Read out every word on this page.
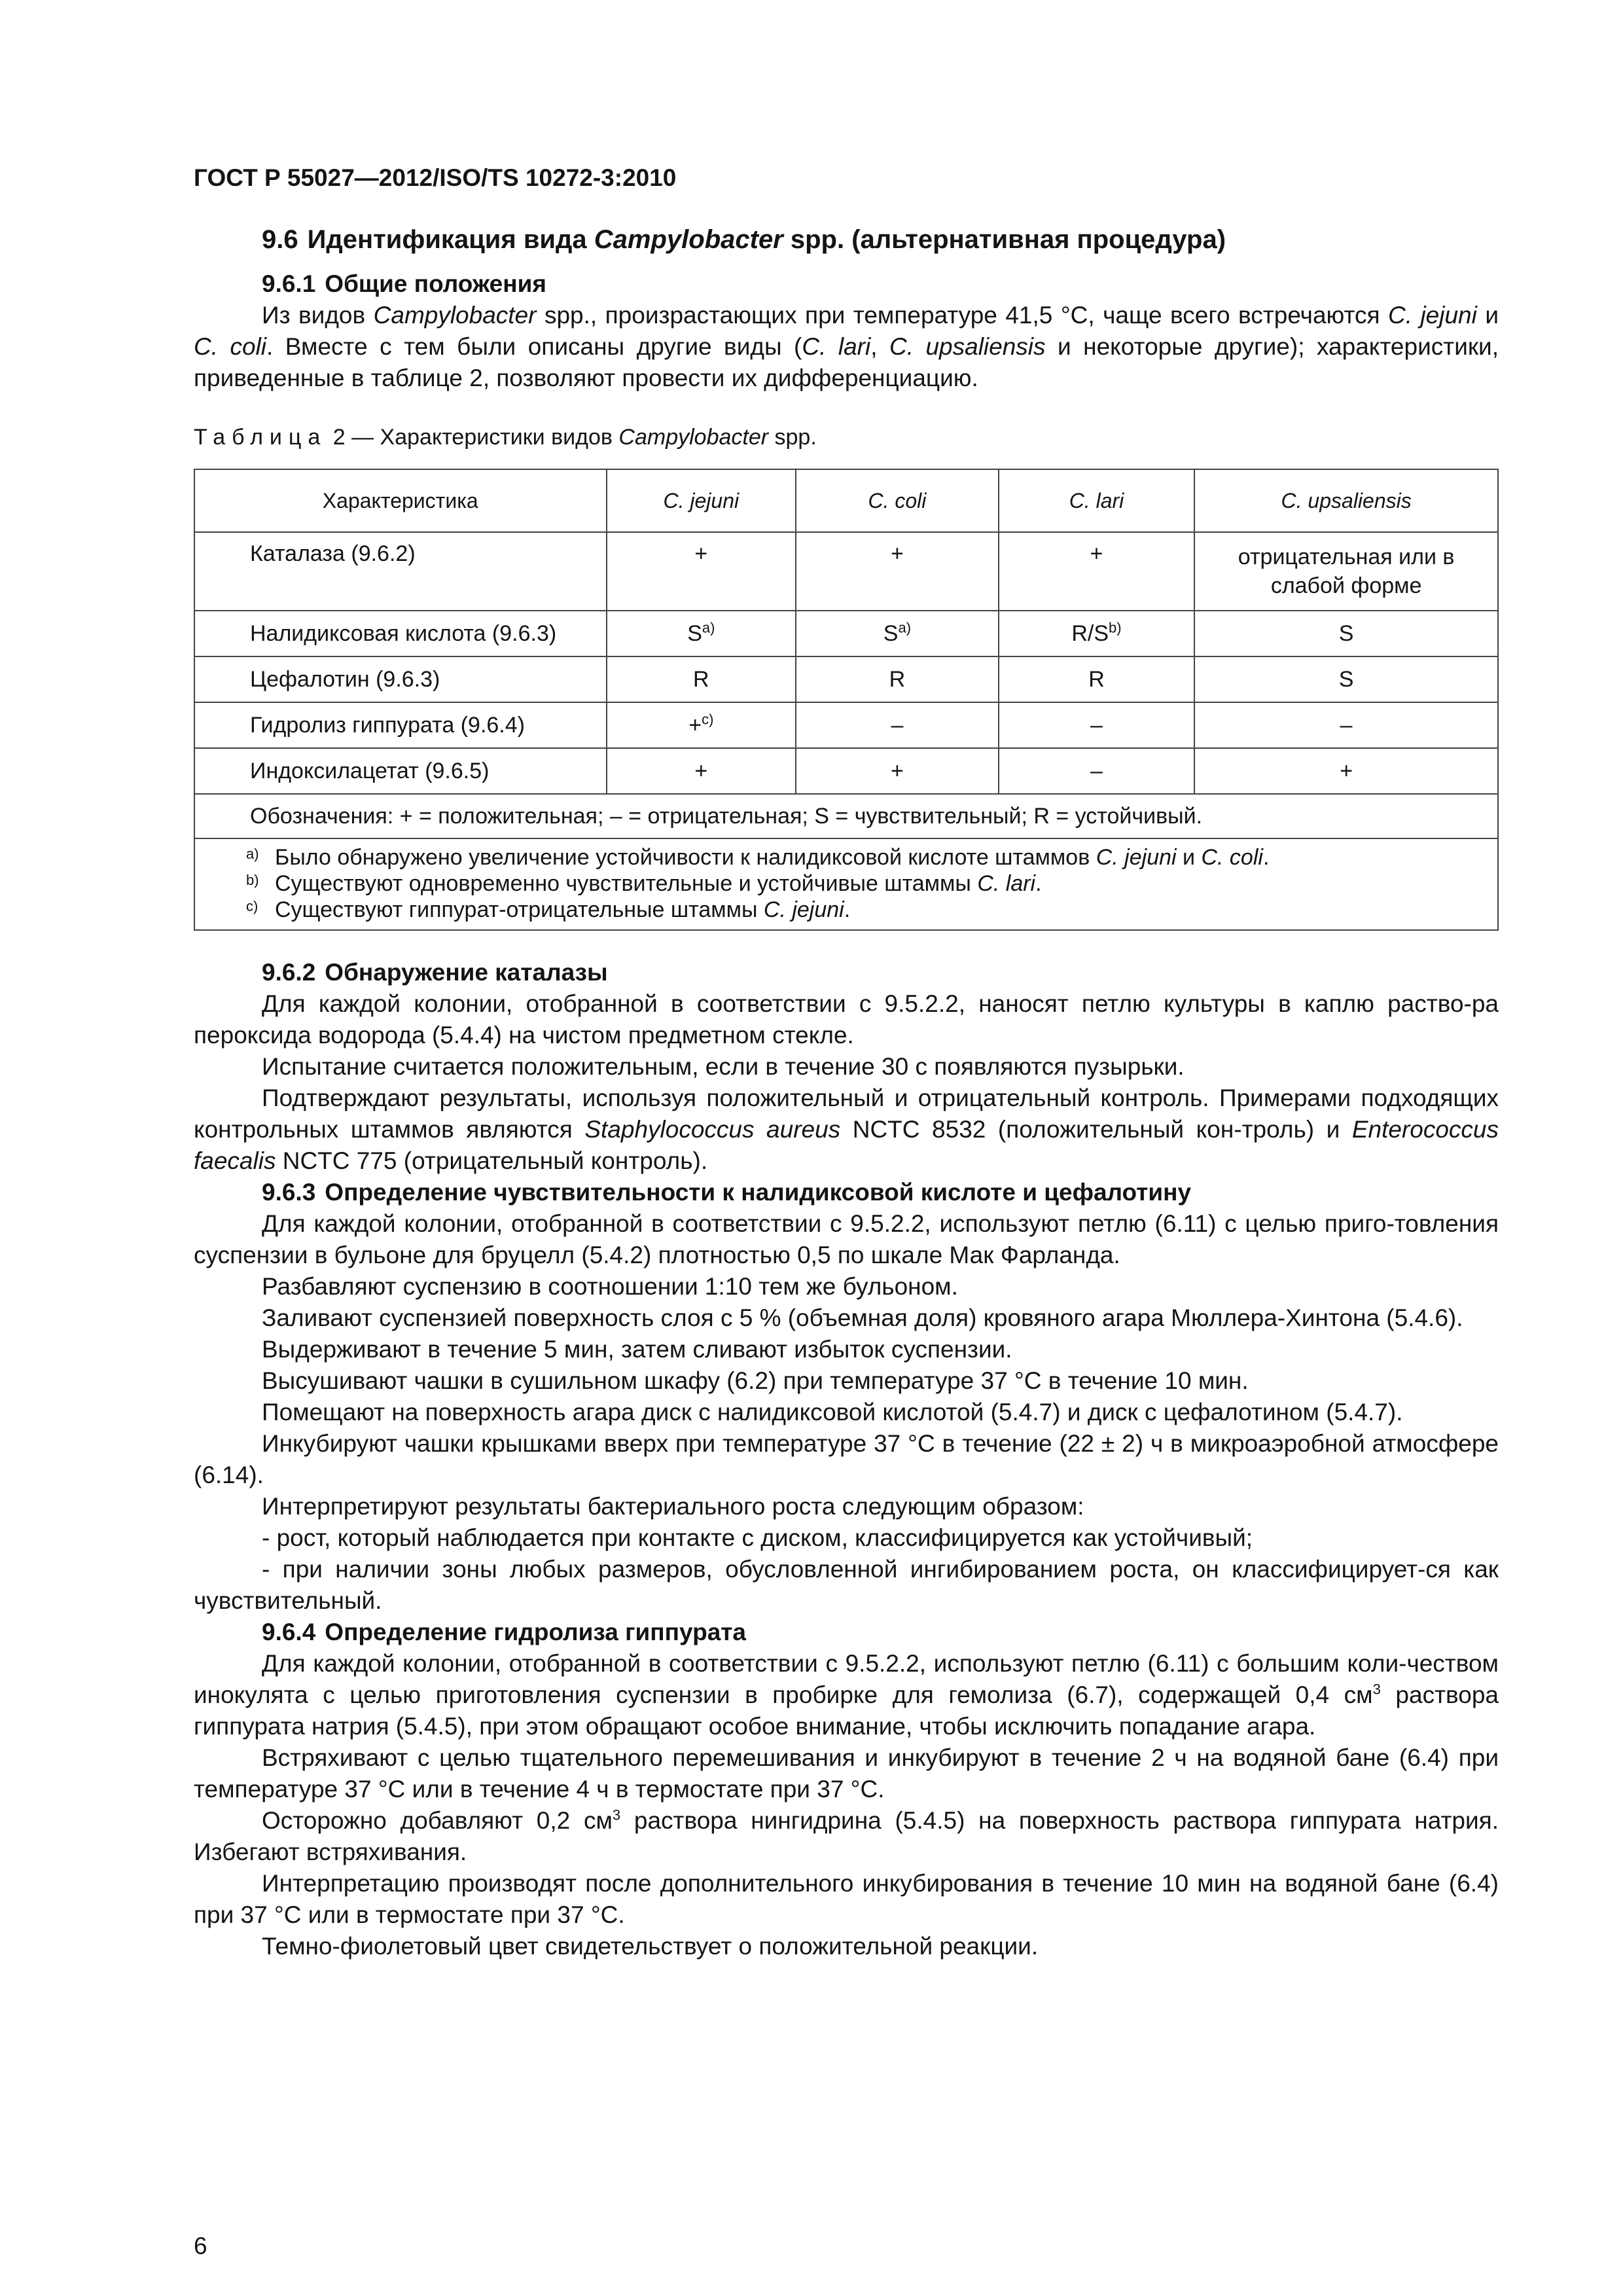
ГОСТ Р 55027—2012/ISO/TS 10272-3:2010

9.6 Идентификация вида Campylobacter spp. (альтернативная процедура)

9.6.1 Общие положения

Из видов Campylobacter spp., произрастающих при температуре 41,5 °С, чаще всего встречаются C. jejuni и C. coli. Вместе с тем были описаны другие виды (C. lari, C. upsaliensis и некоторые другие); характеристики, приведенные в таблице 2, позволяют провести их дифференциацию.

Таблица 2 — Характеристики видов Campylobacter spp.

Характеристика	C. jejuni	C. coli	C. lari	C. upsaliensis
Каталаза (9.6.2)	+	+	+	отрицательная или в слабой форме
Налидиксовая кислота (9.6.3)	$S^{a)}$	$S^{a)}$	$R/S^{b)}$	S
Цефалотин (9.6.3)	R	R	R	S
Гидролиз гиппурата (9.6.4)	+$^{c)}$	–	–	–
Индоксилацетат (9.6.5)	+	+	–	+
Обозначения: + = положительная; – = отрицательная; S = чувствительный; R = устойчивый.				

a) Было обнаружено увеличение устойчивости к налидиксовой кислоте штаммов C. jejuni и C. coli.
b) Существуют одновременно чувствительные и устойчивые штаммы C. lari.
c) Существуют гиппурат-отрицательные штаммы C. jejuni.				

9.6.2 Обнаружение каталазы

Для каждой колонии, отобранной в соответствии с 9.5.2.2, наносят петлю культуры в каплю раство-ра пероксида водорода (5.4.4) на чистом предметном стекле.

Испытание считается положительным, если в течение 30 с появляются пузырьки.

Подтверждают результаты, используя положительный и отрицательный контроль. Примерами подходящих контрольных штаммов являются Staphylococcus aureus NCTC 8532 (положительный кон-троль) и Enterococcus faecalis NCTC 775 (отрицательный контроль).

9.6.3 Определение чувствительности к налидиксовой кислоте и цефалотину

Для каждой колонии, отобранной в соответствии с 9.5.2.2, используют петлю (6.11) с целью приго-товления суспензии в бульоне для бруцелл (5.4.2) плотностью 0,5 по шкале Мак Фарланда.

Разбавляют суспензию в соотношении 1:10 тем же бульоном.

Заливают суспензией поверхность слоя с 5 % (объемная доля) кровяного агара Мюллера-Хинтона (5.4.6).

Выдерживают в течение 5 мин, затем сливают избыток суспензии.

Высушивают чашки в сушильном шкафу (6.2) при температуре 37 °С в течение 10 мин.

Помещают на поверхность агара диск с налидиксовой кислотой (5.4.7) и диск с цефалотином (5.4.7).

Инкубируют чашки крышками вверх при температуре 37 °С в течение (22 ± 2) ч в микроаэробной атмосфере (6.14).

Интерпретируют результаты бактериального роста следующим образом:

- рост, который наблюдается при контакте с диском, классифицируется как устойчивый;

- при наличии зоны любых размеров, обусловленной ингибированием роста, он классифицирует-ся как чувствительный.

9.6.4 Определение гидролиза гиппурата

Для каждой колонии, отобранной в соответствии с 9.5.2.2, используют петлю (6.11) с большим коли-чеством инокулята с целью приготовления суспензии в пробирке для гемолиза (6.7), содержащей 0,4 $см^3$ раствора гиппурата натрия (5.4.5), при этом обращают особое внимание, чтобы исключить попадание агара.

Встряхивают с целью тщательного перемешивания и инкубируют в течение 2 ч на водяной бане (6.4) при температуре 37 °С или в течение 4 ч в термостате при 37 °С.

Осторожно добавляют 0,2 $см^3$ раствора нингидрина (5.4.5) на поверхность раствора гиппурата натрия. Избегают встряхивания.

Интерпретацию производят после дополнительного инкубирования в течение 10 мин на водяной бане (6.4) при 37 °С или в термостате при 37 °С.

Темно-фиолетовый цвет свидетельствует о положительной реакции.

6
